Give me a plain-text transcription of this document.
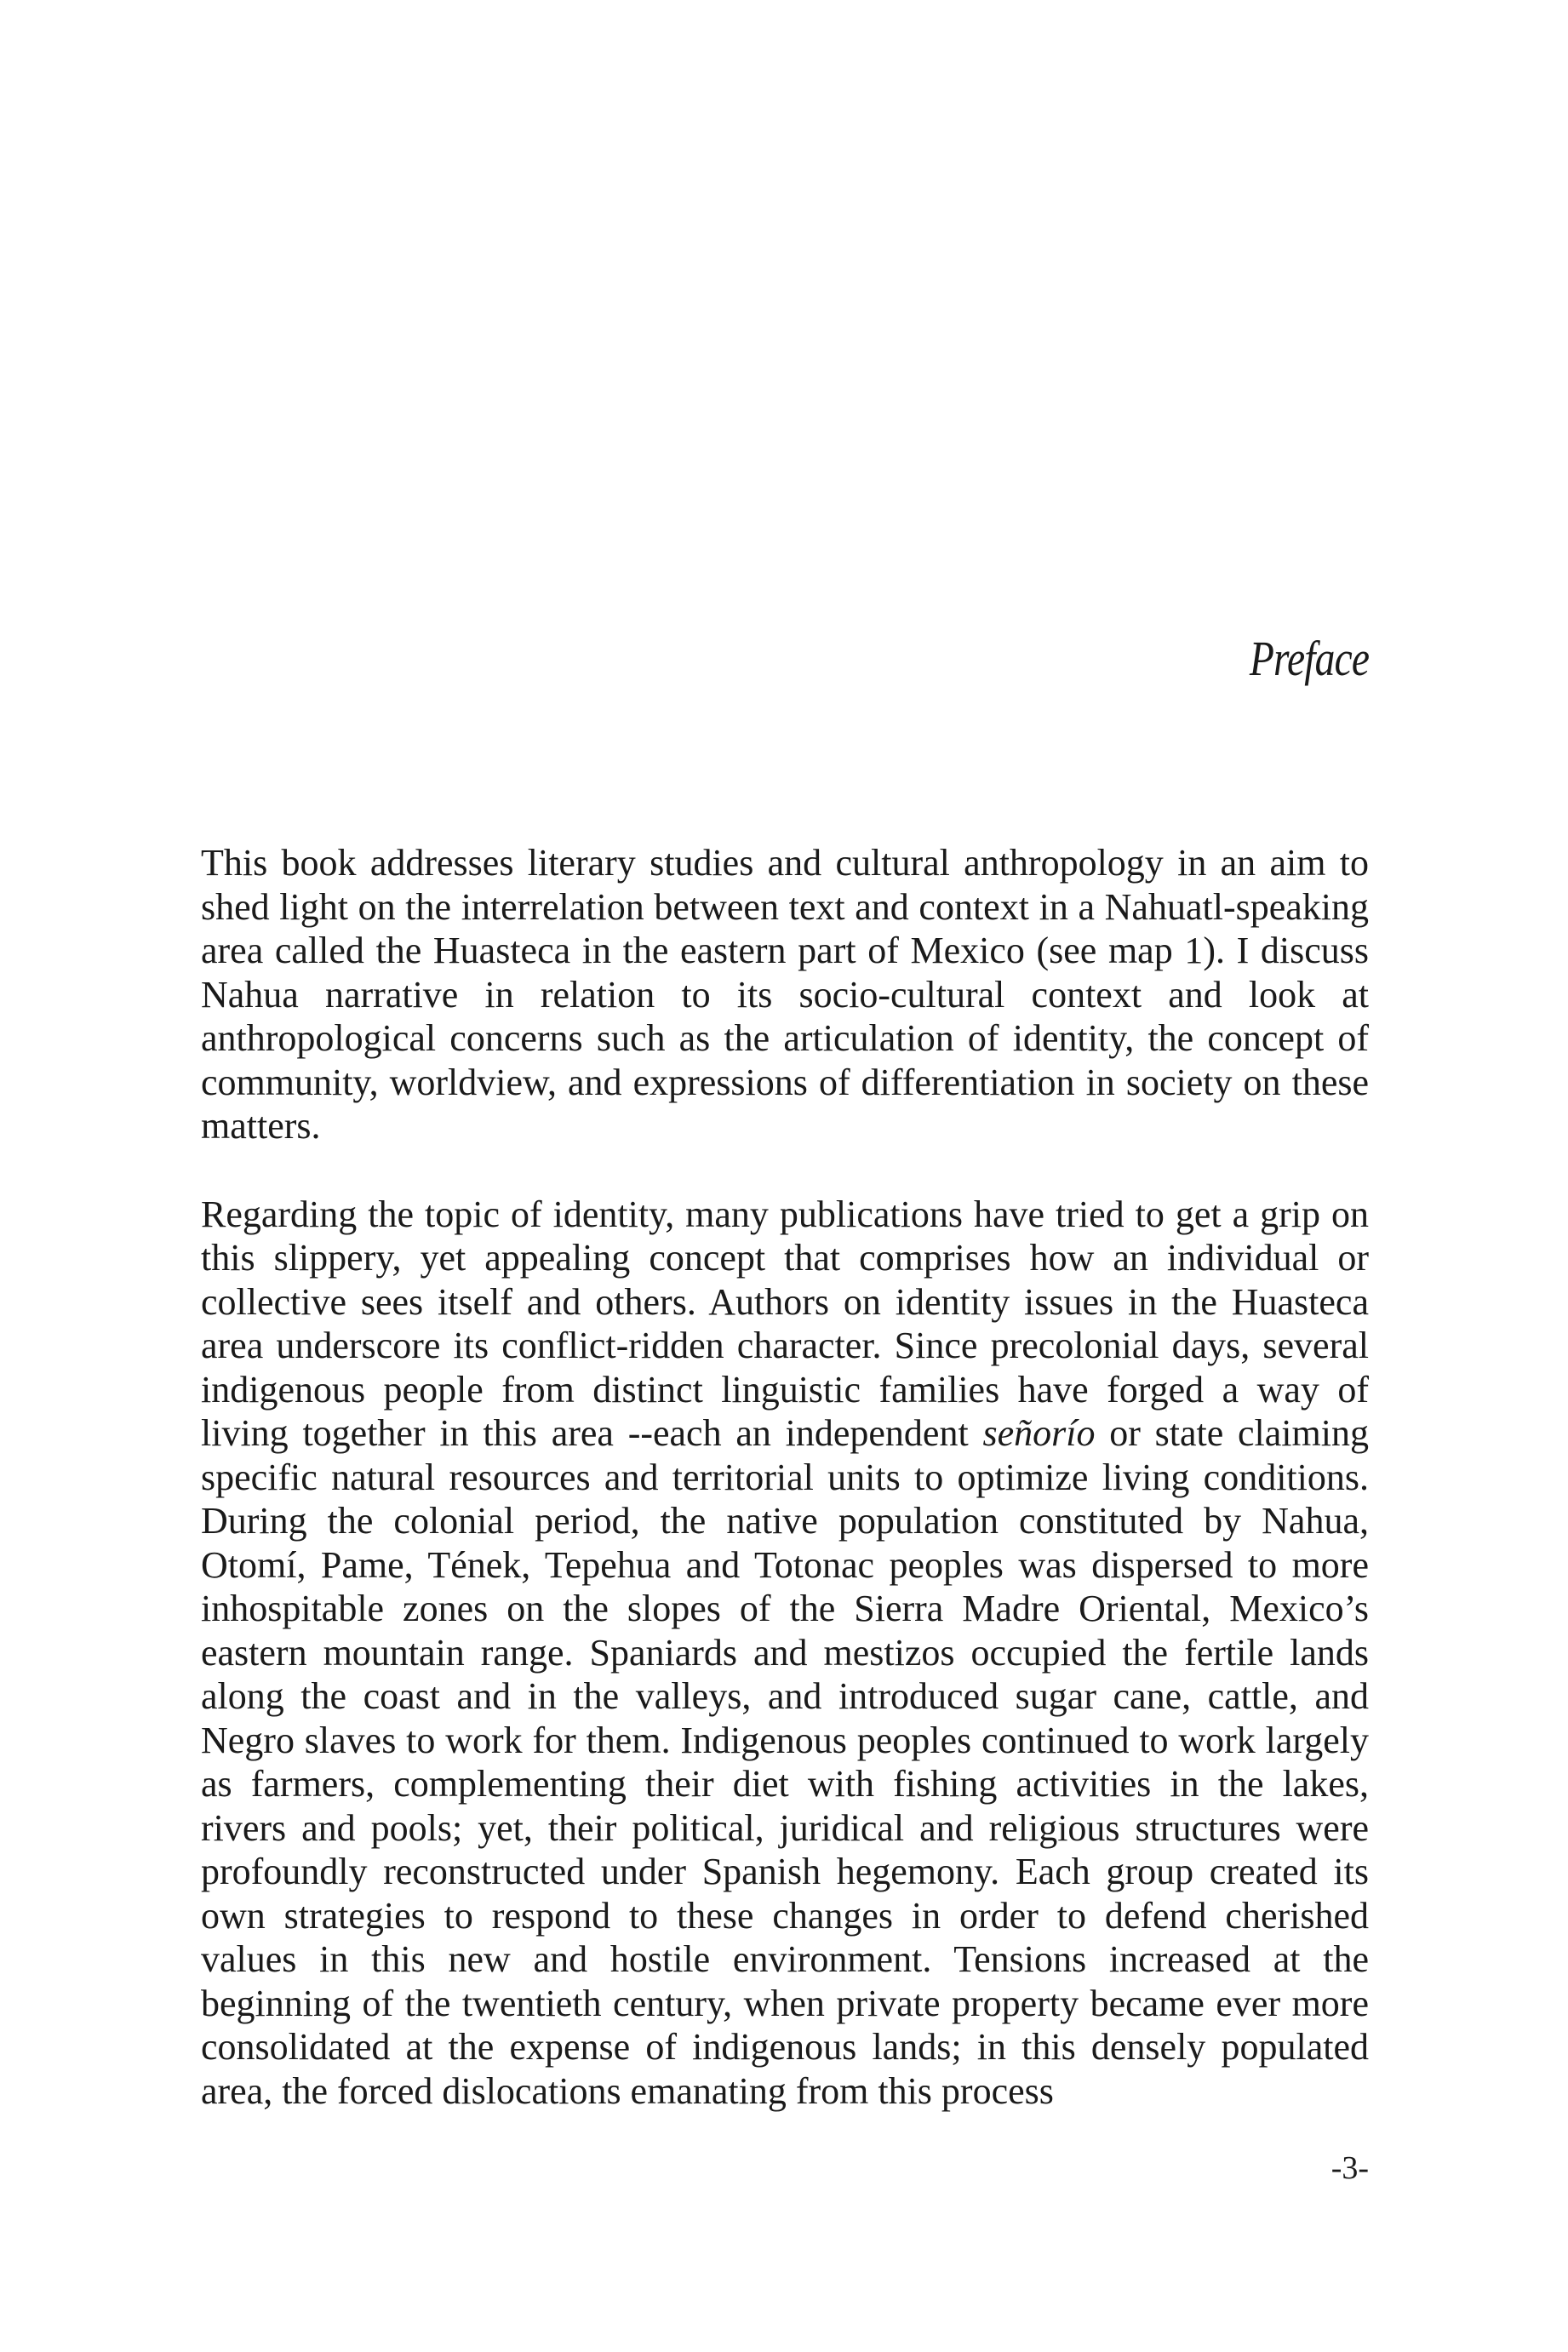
Preface

This book addresses literary studies and cultural anthropology in an aim to shed light on the interrelation between text and context in a Nahuatl-speaking area called the Huasteca in the eastern part of Mexico (see map 1). I discuss Nahua narrative in relation to its socio-cultural context and look at anthropological concerns such as the articulation of identity, the concept of community, worldview, and expressions of differentiation in society on these matters.

Regarding the topic of identity, many publications have tried to get a grip on this slippery, yet appealing concept that comprises how an individual or collective sees itself and others. Authors on identity issues in the Huasteca area underscore its conflict-ridden character. Since precolonial days, several indigenous people from distinct linguistic families have forged a way of living together in this area --each an independent señorío or state claiming specific natural resources and territorial units to optimize living conditions. During the colonial period, the native population constituted by Nahua, Otomí, Pame, Tének, Tepehua and Totonac peoples was dispersed to more inhospitable zones on the slopes of the Sierra Madre Oriental, Mexico’s eastern mountain range. Spaniards and mestizos occupied the fertile lands along the coast and in the valleys, and introduced sugar cane, cattle, and Negro slaves to work for them. Indigenous peoples continued to work largely as farmers, complementing their diet with fishing activities in the lakes, rivers and pools; yet, their political, juridical and religious structures were profoundly reconstructed under Spanish hegemony. Each group created its own strategies to respond to these changes in order to defend cherished values in this new and hostile environment. Tensions increased at the beginning of the twentieth century, when private property became ever more consolidated at the expense of indigenous lands; in this densely populated area, the forced dislocations emanating from this process

-3-
